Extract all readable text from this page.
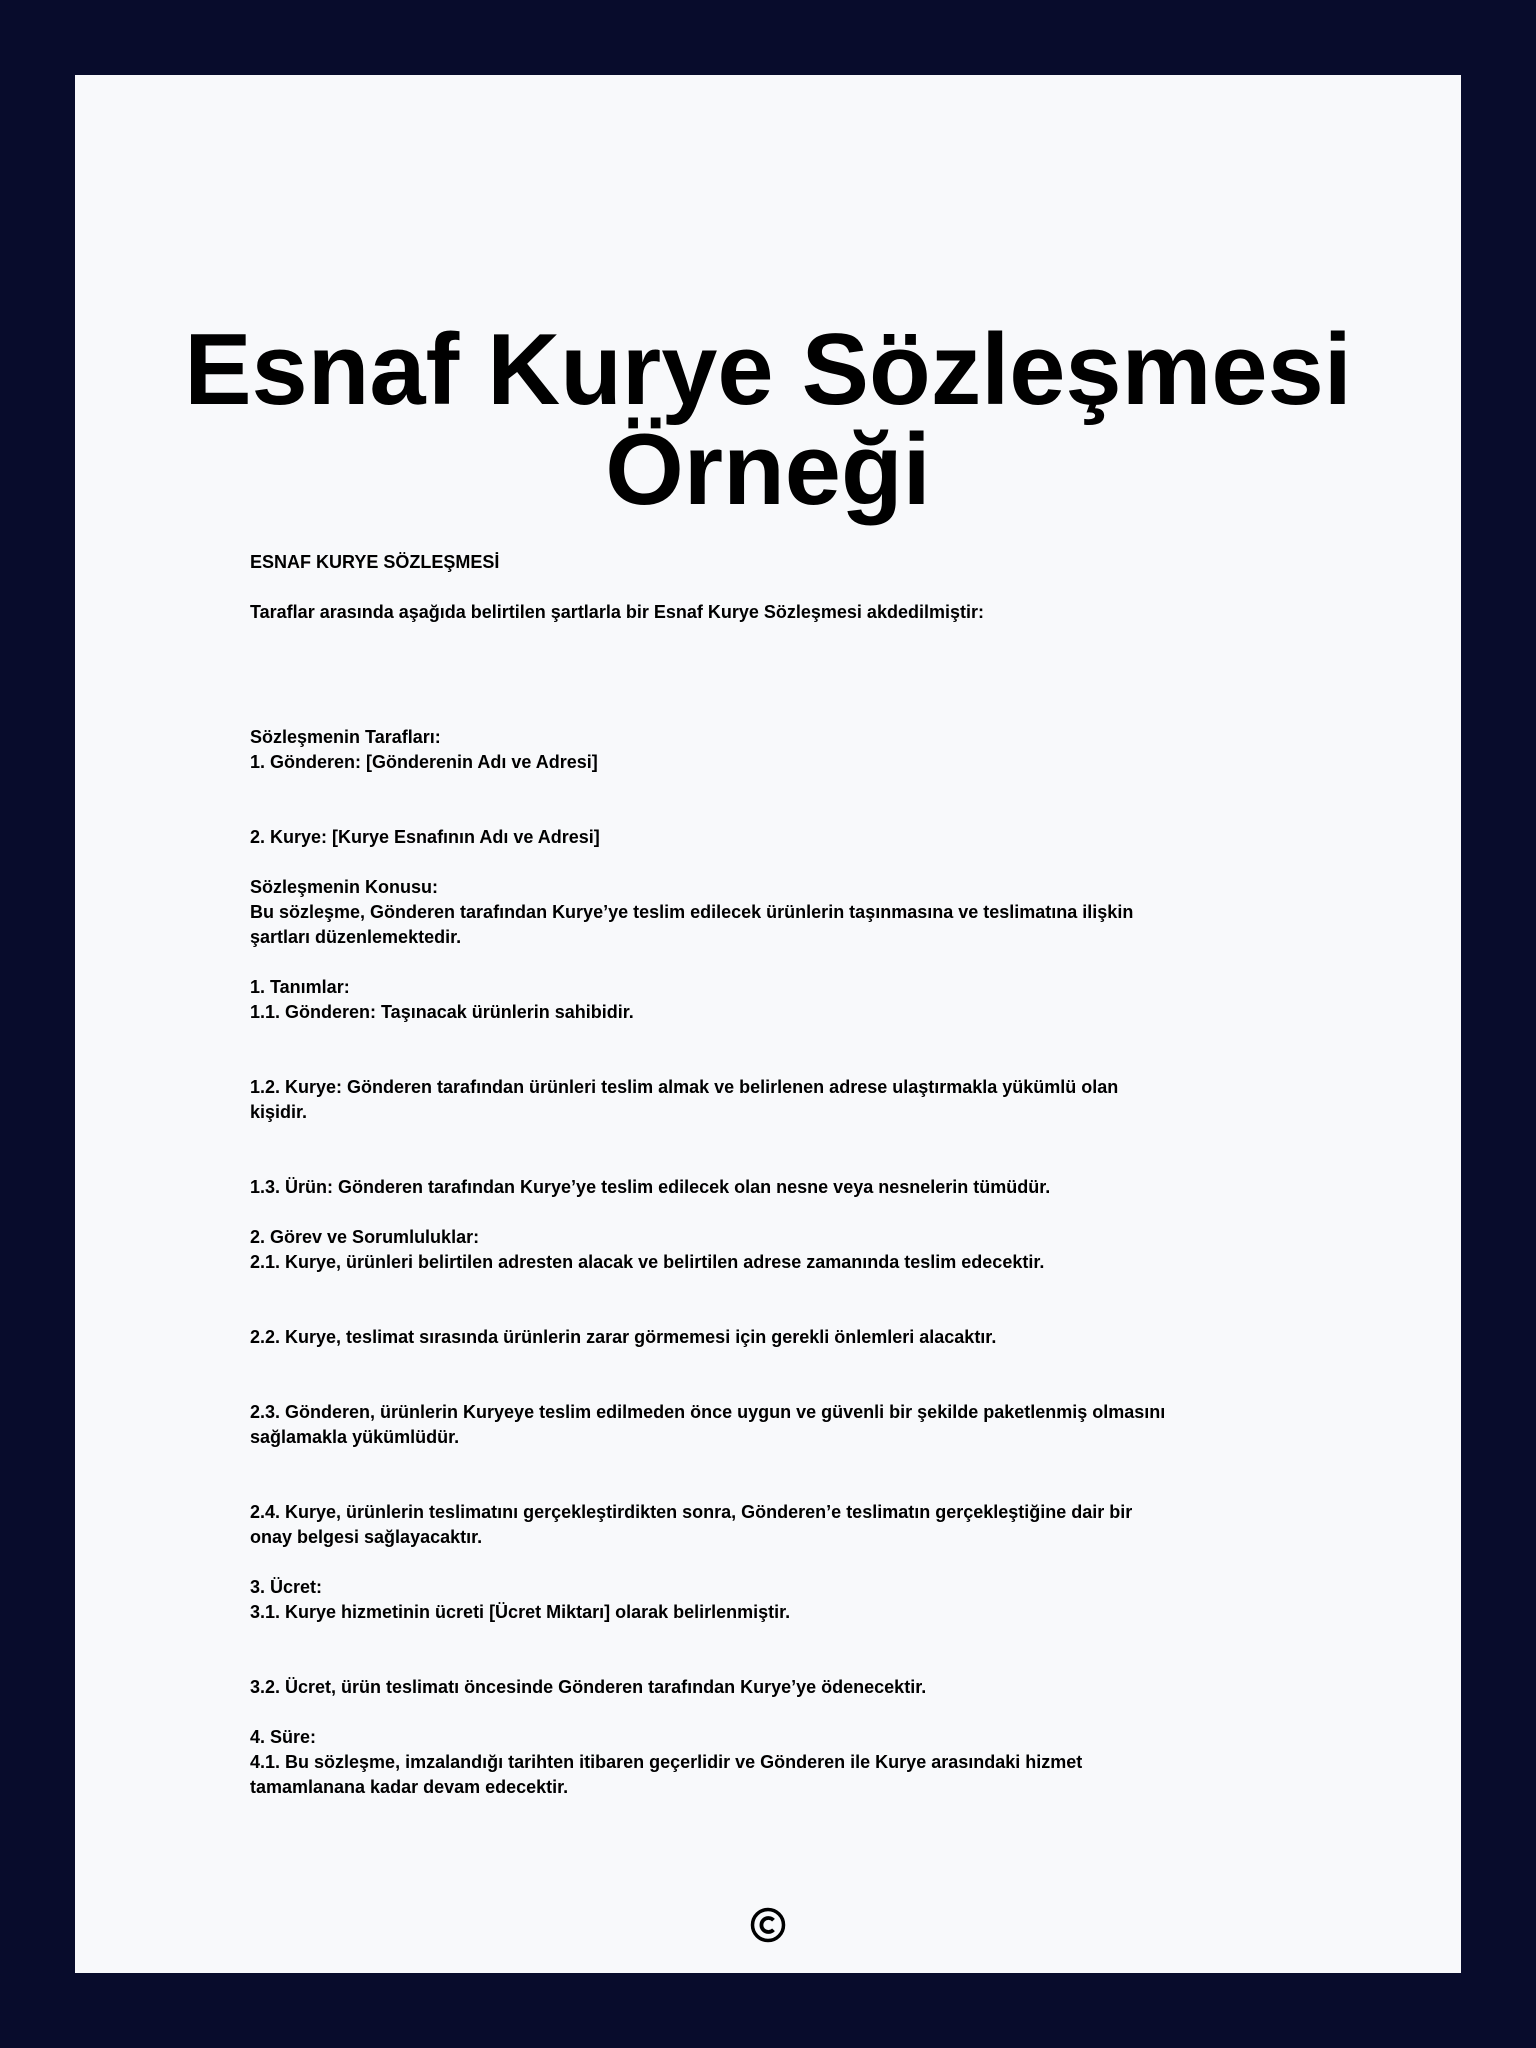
Esnaf Kurye Sözleşmesi
Örneği
ESNAF KURYE SÖZLEŞMESİ
Taraflar arasında aşağıda belirtilen şartlarla bir Esnaf Kurye Sözleşmesi akdedilmiştir:
Sözleşmenin Tarafları:
1. Gönderen: [Gönderenin Adı ve Adresi]
2. Kurye: [Kurye Esnafının Adı ve Adresi]
Sözleşmenin Konusu:
Bu sözleşme, Gönderen tarafından Kurye’ye teslim edilecek ürünlerin taşınmasına ve teslimatına ilişkin
şartları düzenlemektedir.
1. Tanımlar:
1.1. Gönderen: Taşınacak ürünlerin sahibidir.
1.2. Kurye: Gönderen tarafından ürünleri teslim almak ve belirlenen adrese ulaştırmakla yükümlü olan
kişidir.
1.3. Ürün: Gönderen tarafından Kurye’ye teslim edilecek olan nesne veya nesnelerin tümüdür.
2. Görev ve Sorumluluklar:
2.1. Kurye, ürünleri belirtilen adresten alacak ve belirtilen adrese zamanında teslim edecektir.
2.2. Kurye, teslimat sırasında ürünlerin zarar görmemesi için gerekli önlemleri alacaktır.
2.3. Gönderen, ürünlerin Kuryeye teslim edilmeden önce uygun ve güvenli bir şekilde paketlenmiş olmasını
sağlamakla yükümlüdür.
2.4. Kurye, ürünlerin teslimatını gerçekleştirdikten sonra, Gönderen’e teslimatın gerçekleştiğine dair bir
onay belgesi sağlayacaktır.
3. Ücret:
3.1. Kurye hizmetinin ücreti [Ücret Miktarı] olarak belirlenmiştir.
3.2. Ücret, ürün teslimatı öncesinde Gönderen tarafından Kurye’ye ödenecektir.
4. Süre:
4.1. Bu sözleşme, imzalandığı tarihten itibaren geçerlidir ve Gönderen ile Kurye arasındaki hizmet
tamamlanana kadar devam edecektir.
